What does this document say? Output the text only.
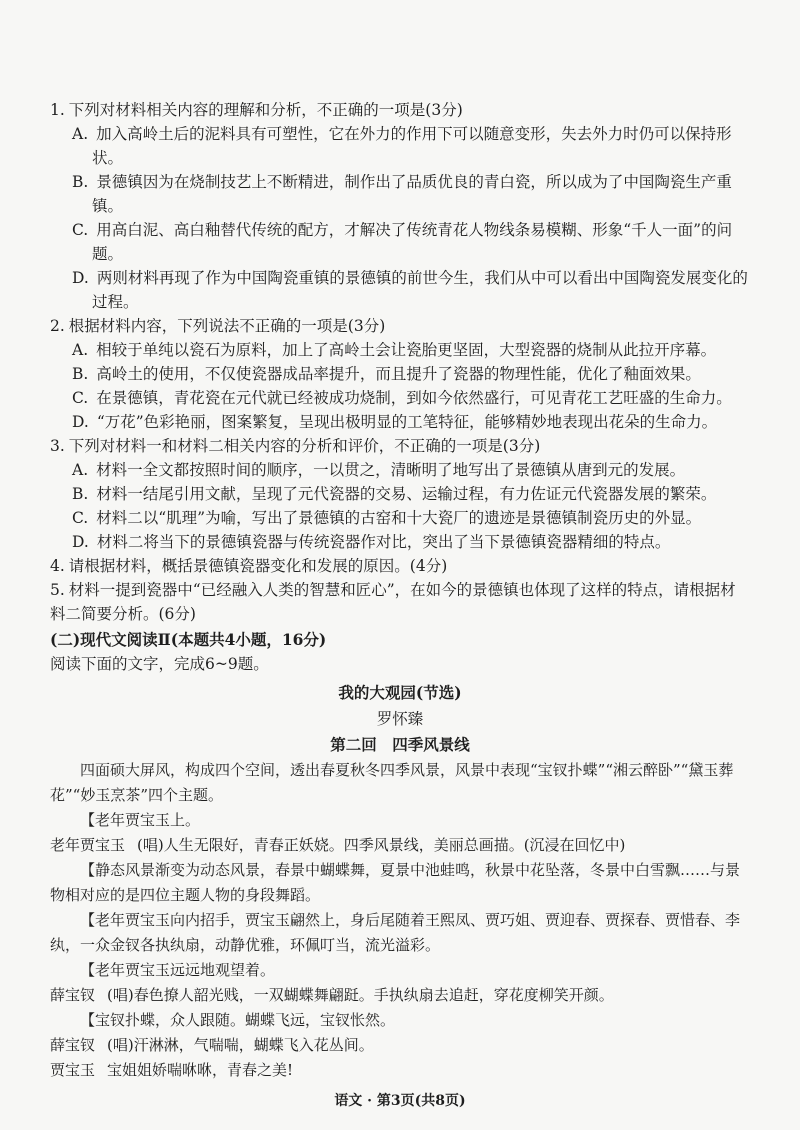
1. 下列对材料相关内容的理解和分析，不正确的一项是(3分)

A. 加入高岭土后的泥料具有可塑性，它在外力的作用下可以随意变形，失去外力时仍可以保持形状。

B. 景德镇因为在烧制技艺上不断精进，制作出了品质优良的青白瓷，所以成为了中国陶瓷生产重镇。

C. 用高白泥、高白釉替代传统的配方，才解决了传统青花人物线条易模糊、形象“千人一面”的问题。

D. 两则材料再现了作为中国陶瓷重镇的景德镇的前世今生，我们从中可以看出中国陶瓷发展变化的过程。

2. 根据材料内容，下列说法不正确的一项是(3分)

A. 相较于单纯以瓷石为原料，加上了高岭土会让瓷胎更坚固，大型瓷器的烧制从此拉开序幕。

B. 高岭土的使用，不仅使瓷器成品率提升，而且提升了瓷器的物理性能，优化了釉面效果。

C. 在景德镇，青花瓷在元代就已经被成功烧制，到如今依然盛行，可见青花工艺旺盛的生命力。

D. “万花”色彩艳丽，图案繁复，呈现出极明显的工笔特征，能够精妙地表现出花朵的生命力。

3. 下列对材料一和材料二相关内容的分析和评价，不正确的一项是(3分)

A. 材料一全文都按照时间的顺序，一以贯之，清晰明了地写出了景德镇从唐到元的发展。

B. 材料一结尾引用文献，呈现了元代瓷器的交易、运输过程，有力佐证元代瓷器发展的繁荣。

C. 材料二以“肌理”为喻，写出了景德镇的古窑和十大瓷厂的遗迹是景德镇制瓷历史的外显。

D. 材料二将当下的景德镇瓷器与传统瓷器作对比，突出了当下景德镇瓷器精细的特点。

4. 请根据材料，概括景德镇瓷器变化和发展的原因。(4分)

5. 材料一提到瓷器中“已经融入人类的智慧和匠心”，在如今的景德镇也体现了这样的特点，请根据材料二简要分析。(6分)

(二)现代文阅读Ⅱ(本题共4小题，16分)

阅读下面的文字，完成6~9题。

我的大观园(节选)

罗怀臻

第二回　四季风景线

四面硕大屏风，构成四个空间，透出春夏秋冬四季风景，风景中表现“宝钗扑蝶”“湘云醉卧”“黛玉葬花”“妙玉烹茶”四个主题。

【老年贾宝玉上。

老年贾宝玉 (唱)人生无限好，青春正妖娆。四季风景线，美丽总画描。(沉浸在回忆中)

【静态风景渐变为动态风景，春景中蝴蝶舞，夏景中池蛙鸣，秋景中花坠落，冬景中白雪飘……与景物相对应的是四位主题人物的身段舞蹈。

【老年贾宝玉向内招手，贾宝玉翩然上，身后尾随着王熙凤、贾巧姐、贾迎春、贾探春、贾惜春、李纨，一众金钗各执纨扇，动静优雅，环佩叮当，流光溢彩。

【老年贾宝玉远远地观望着。

薛宝钗 (唱)春色撩人韶光贱，一双蝴蝶舞翩跹。手执纨扇去追赶，穿花度柳笑开颜。

【宝钗扑蝶，众人跟随。蝴蝶飞远，宝钗怅然。

薛宝钗 (唱)汗淋淋，气喘喘，蝴蝶飞入花丛间。

贾宝玉 宝姐姐娇喘咻咻，青春之美!

语文 · 第3页(共8页)
